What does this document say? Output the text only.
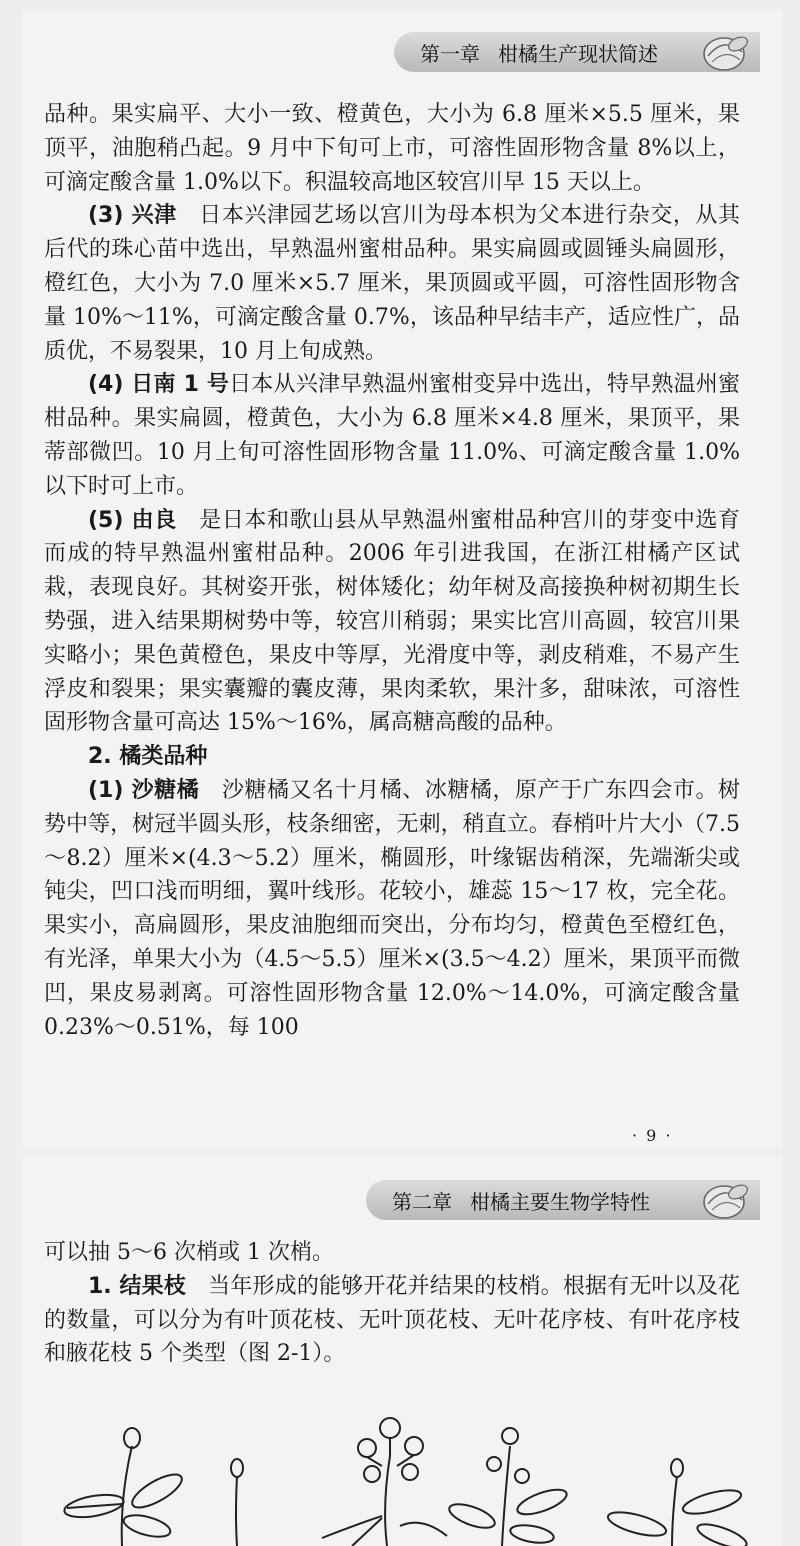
第一章 柑橘生产现状简述

品种。果实扁平、大小一致、橙黄色，大小为 6.8 厘米×5.5 厘米，果顶平，油胞稍凸起。9 月中下旬可上市，可溶性固形物含量 8%以上，可滴定酸含量 1.0%以下。积温较高地区较宫川早 15 天以上。

(3) 兴津　日本兴津园艺场以宫川为母本枳为父本进行杂交，从其后代的珠心苗中选出，早熟温州蜜柑品种。果实扁圆或圆锤头扁圆形，橙红色，大小为 7.0 厘米×5.7 厘米，果顶圆或平圆，可溶性固形物含量 10%～11%，可滴定酸含量 0.7%，该品种早结丰产，适应性广，品质优，不易裂果，10 月上旬成熟。

(4) 日南 1 号日本从兴津早熟温州蜜柑变异中选出，特早熟温州蜜柑品种。果实扁圆，橙黄色，大小为 6.8 厘米×4.8 厘米，果顶平，果蒂部微凹。10 月上旬可溶性固形物含量 11.0%、可滴定酸含量 1.0%以下时可上市。

(5) 由良　是日本和歌山县从早熟温州蜜柑品种宫川的芽变中选育而成的特早熟温州蜜柑品种。2006 年引进我国，在浙江柑橘产区试栽，表现良好。其树姿开张，树体矮化；幼年树及高接换种树初期生长势强，进入结果期树势中等，较宫川稍弱；果实比宫川高圆，较宫川果实略小；果色黄橙色，果皮中等厚，光滑度中等，剥皮稍难，不易产生浮皮和裂果；果实囊瓣的囊皮薄，果肉柔软，果汁多，甜味浓，可溶性固形物含量可高达 15%～16%，属高糖高酸的品种。

2. 橘类品种

(1) 沙糖橘　沙糖橘又名十月橘、冰糖橘，原产于广东四会市。树势中等，树冠半圆头形，枝条细密，无刺，稍直立。春梢叶片大小（7.5～8.2）厘米×(4.3～5.2）厘米，椭圆形，叶缘锯齿稍深，先端渐尖或钝尖，凹口浅而明细，翼叶线形。花较小，雄蕊 15～17 枚，完全花。果实小，高扁圆形，果皮油胞细而突出，分布均匀，橙黄色至橙红色，有光泽，单果大小为（4.5～5.5）厘米×(3.5～4.2）厘米，果顶平而微凹，果皮易剥离。可溶性固形物含量 12.0%～14.0%，可滴定酸含量 0.23%～0.51%，每 100

· 9 ·
第二章 柑橘主要生物学特性

可以抽 5～6 次梢或 1 次梢。

1. 结果枝　当年形成的能够开花并结果的枝梢。根据有无叶以及花的数量，可以分为有叶顶花枝、无叶顶花枝、无叶花序枝、有叶花序枝和腋花枝 5 个类型（图 2-1）。
